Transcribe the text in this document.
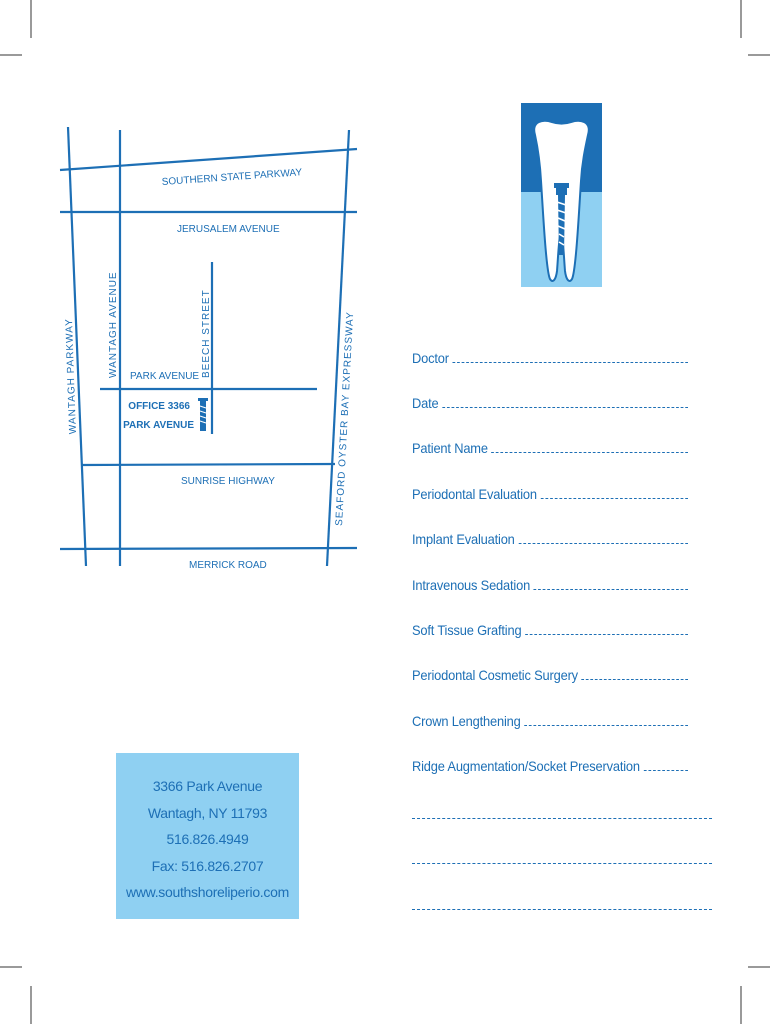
SOUTHERN STATE PARKWAY
JERUSALEM AVENUE
WANTAGH AVENUE	BEECH STREET
WANTAGH PARKWAY	SEAFORD OYSTER BAY EXPRESSWAY
PARK AVENUE
OFFICE 3366
PARK AVENUE
SUNRISE HIGHWAY
MERRICK ROAD
Doctor
Date
Patient Name
Periodontal Evaluation
Implant Evaluation
Intravenous Sedation
Soft Tissue Grafting
Periodontal Cosmetic Surgery
Crown Lengthening
Ridge Augmentation/Socket Preservation
3366 Park Avenue
Wantagh, NY 11793
516.826.4949
Fax: 516.826.2707
www.southshoreliperio.com
